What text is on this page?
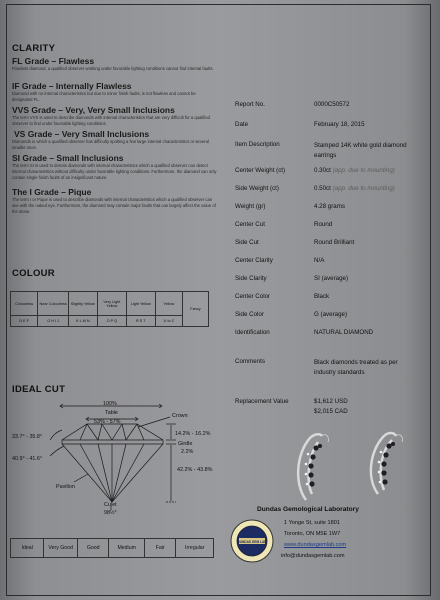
CLARITY
FL Grade – Flawless
Flawless diamond, a qualified observer working under favorable lighting conditions cannot find internal faults.
IF Grade – Internally Flawless
Diamond with no internal characteristics but due to minor finish faults, is not flawless and cannot be designated FL.
VVS Grade – Very, Very Small Inclusions
The term VVS is used to describe diamonds with internal characteristics that are very difficult for a qualified observer to find under favorable lighting conditions.
VS Grade – Very Small Inclusions
Diamonds in which a qualified observer has difficulty spotting a few large internal characteristics or several smaller ones.
SI Grade – Small Inclusions
The term SI is used to denote diamonds with internal characteristics which a qualified observer can detect internal characteristics without difficulty under favorable lighting conditions. Furthermore, the diamond can only contain single finish faults of an insignificant nature.
The I Grade – Pique
The term I or Pique is used to describe diamonds with internal characteristics which a qualified observer can see with the naked eye. Furthermore, the diamond may contain major faults that can largely affect the value of the stone.
COLOUR
Colourless	Near Colourless	Slightly Yellow	Very Light Yellow	Light Yellow	Yellow	Fancy
D E F	G H I J	K L M N	O P Q	R S T	U to Z	
IDEAL CUT
100%
Table
53% - 57%
Crown
33.7° - 35.8°	14.2% - 16.2%
Girdle
2.2%
42.2% - 43.8%
40.9° - 41.6°
Pavilion
Culet
98½°
Ideal	Very Good	Good	Medium	Fair	Irregular
Report No.	0000C50572
Date	February 18, 2015
Item Description	Stamped 14K white gold diamond earrings
Center Weight (ct)	0.30ct (app. due to mounting)
Side Weight (ct)	0.50ct (app. due to mounting)
Weight (gr)	4.28 grams
Center Cut	Round
Side Cut	Round Brilliant
Center Clarity	N/A
Side Clarity	SI (average)
Center Color	Black
Side Color	G (average)
Identification	NATURAL DIAMOND
Comments	Black diamonds treated as per industry standards
Replacement Value	$1,612 USD
$2,015 CAD
DUNDAS GEM LAB
Dundas Gemological Laboratory
1 Yonge St, suite 1801
Toronto, ON M5E 1W7
www.dundasgemlab.com
info@dundasgemlab.com
